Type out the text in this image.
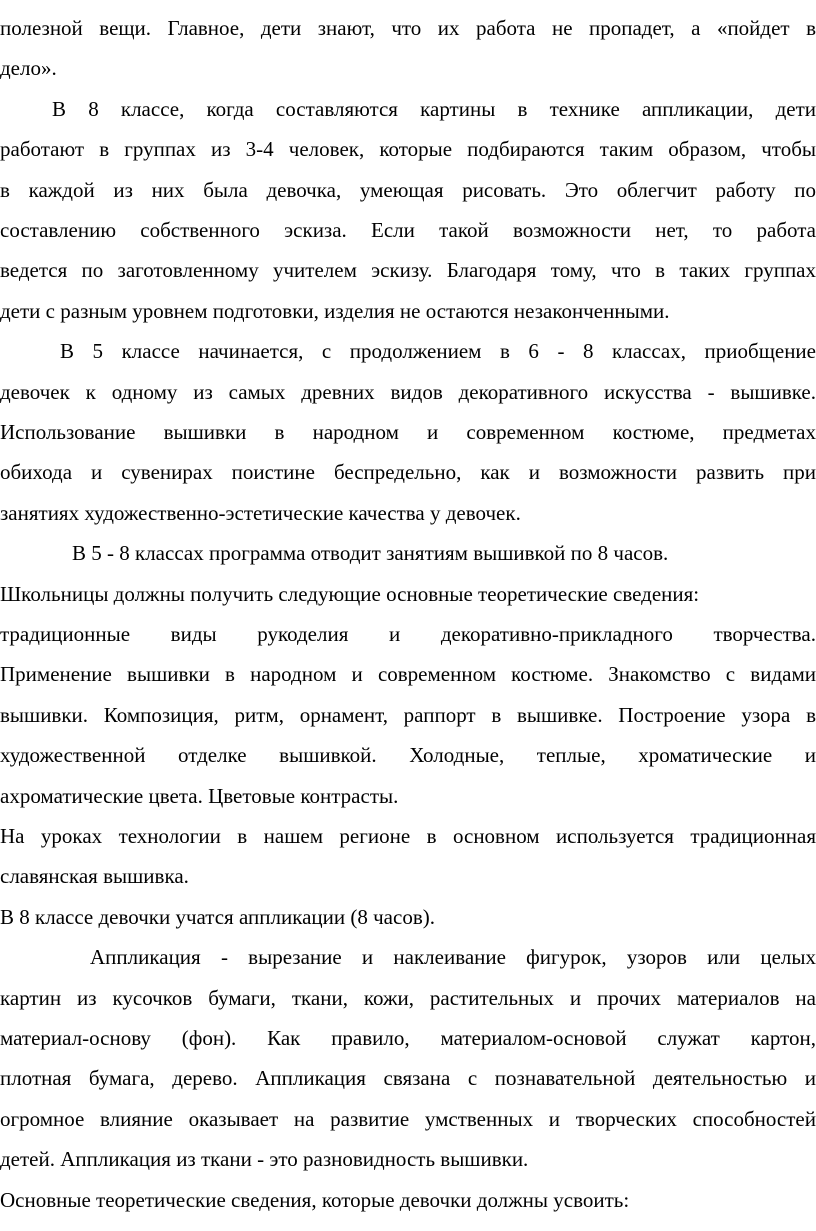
полезной вещи. Главное, дети знают, что их работа не пропадет, а «пойдет в
дело».
В 8 классе, когда составляются картины в технике аппликации, дети
работают в группах из 3-4 человек, которые подбираются таким образом, чтобы
в каждой из них была девочка, умеющая рисовать. Это облегчит работу по
составлению собственного эскиза. Если такой возможности нет, то работа
ведется по заготовленному учителем эскизу. Благодаря тому, что в таких группах
дети с разным уровнем подготовки, изделия не остаются незаконченными.
В 5 классе начинается, с продолжением в 6 - 8 классах, приобщение
девочек к одному из самых древних видов декоративного искусства - вышивке.
Использование вышивки в народном и современном костюме, предметах
обихода и сувенирах поистине беспредельно, как и возможности развить при
занятиях художественно-эстетические качества у девочек.
В 5 - 8 классах программа отводит занятиям вышивкой по 8 часов.
Школьницы должны получить следующие основные теоретические сведения:
традиционные виды рукоделия и декоративно-прикладного творчества.
Применение вышивки в народном и современном костюме. Знакомство с видами
вышивки. Композиция, ритм, орнамент, раппорт в вышивке. Построение узора в
художественной отделке вышивкой. Холодные, теплые, хроматические и
ахроматические цвета. Цветовые контрасты.
На уроках технологии в нашем регионе в основном используется традиционная
славянская вышивка.
В 8 классе девочки учатся аппликации (8 часов).
Аппликация - вырезание и наклеивание фигурок, узоров или целых
картин из кусочков бумаги, ткани, кожи, растительных и прочих материалов на
материал-основу (фон). Как правило, материалом-основой служат картон,
плотная бумага, дерево. Аппликация связана с познавательной деятельностью и
огромное влияние оказывает на развитие умственных и творческих способностей
детей. Аппликация из ткани - это разновидность вышивки.
Основные теоретические сведения, которые девочки должны усвоить:
